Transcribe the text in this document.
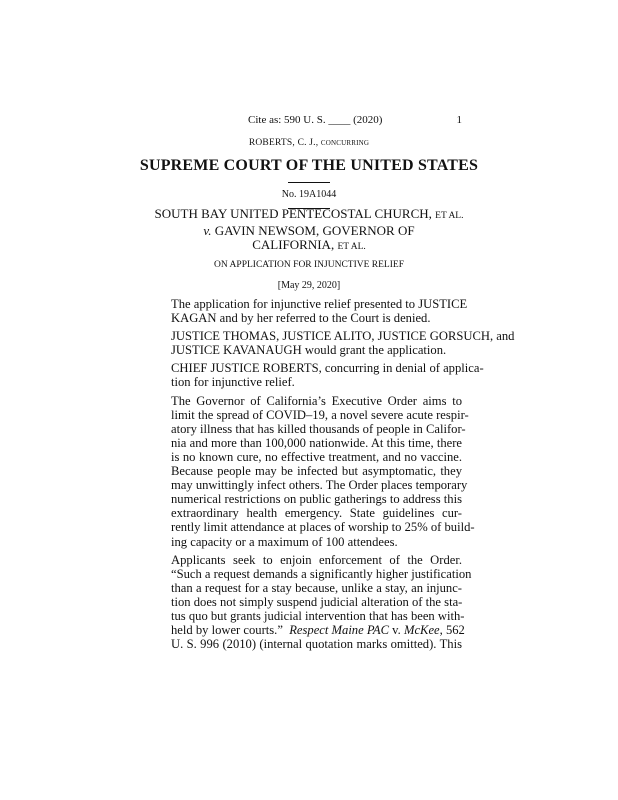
Cite as: 590 U. S. ____ (2020)	1
ROBERTS, C. J., concurring
SUPREME COURT OF THE UNITED STATES
No. 19A1044
SOUTH BAY UNITED PENTECOSTAL CHURCH, ET AL.
v. GAVIN NEWSOM, GOVERNOR OF
CALIFORNIA, ET AL.
ON APPLICATION FOR INJUNCTIVE RELIEF
[May 29, 2020]

The application for injunctive relief presented to JUSTICE
KAGAN and by her referred to the Court is denied.

JUSTICE THOMAS, JUSTICE ALITO, JUSTICE GORSUCH, and
JUSTICE KAVANAUGH would grant the application.

CHIEF JUSTICE ROBERTS, concurring in denial of applica-
tion for injunctive relief.

The Governor of California’s Executive Order aims to
limit the spread of COVID–19, a novel severe acute respir-
atory illness that has killed thousands of people in Califor-
nia and more than 100,000 nationwide. At this time, there
is no known cure, no effective treatment, and no vaccine.
Because people may be infected but asymptomatic, they
may unwittingly infect others. The Order places temporary
numerical restrictions on public gatherings to address this
extraordinary health emergency. State guidelines cur-
rently limit attendance at places of worship to 25% of build-
ing capacity or a maximum of 100 attendees.

Applicants seek to enjoin enforcement of the Order.
“Such a request demands a significantly higher justification
than a request for a stay because, unlike a stay, an injunc-
tion does not simply suspend judicial alteration of the sta-
tus quo but grants judicial intervention that has been with-
held by lower courts.” Respect Maine PAC v. McKee, 562
U. S. 996 (2010) (internal quotation marks omitted). This
